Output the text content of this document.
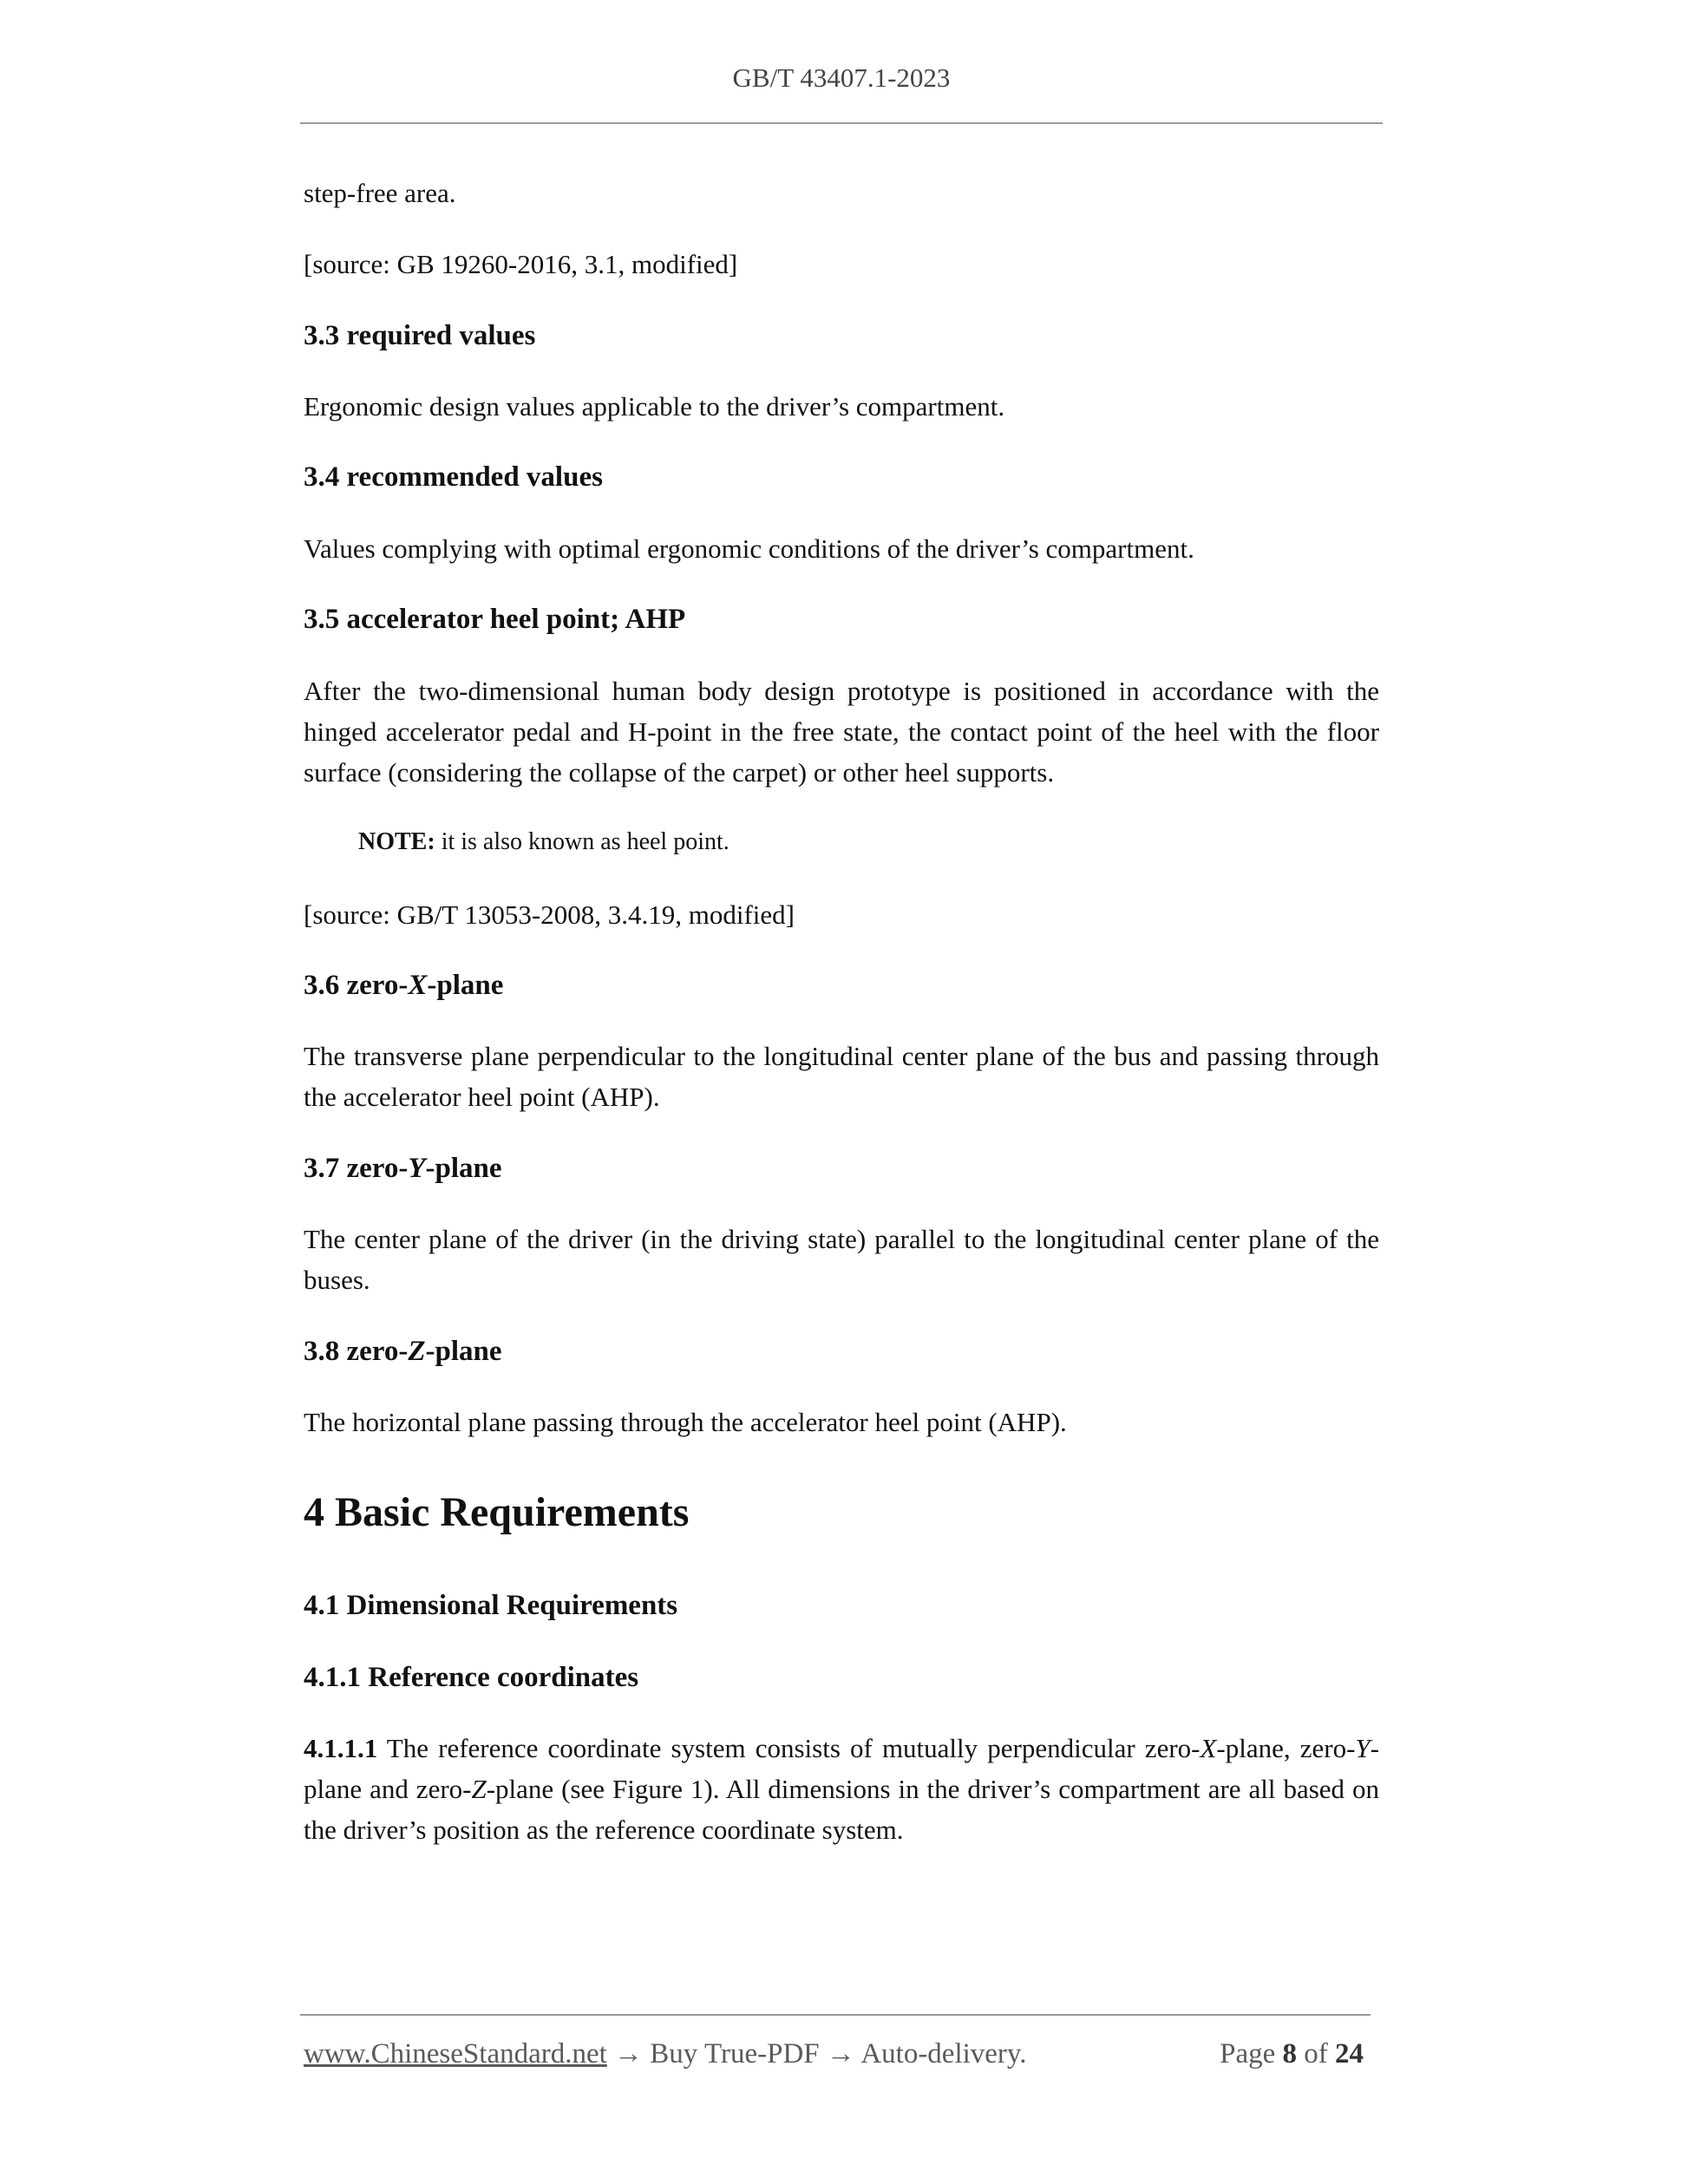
GB/T 43407.1-2023

step-free area.

[source: GB 19260-2016, 3.1, modified]

3.3 required values

Ergonomic design values applicable to the driver’s compartment.

3.4 recommended values

Values complying with optimal ergonomic conditions of the driver’s compartment.

3.5 accelerator heel point; AHP

After the two-dimensional human body design prototype is positioned in accordance with the hinged accelerator pedal and H-point in the free state, the contact point of the heel with the floor surface (considering the collapse of the carpet) or other heel supports.

NOTE: it is also known as heel point.

[source: GB/T 13053-2008, 3.4.19, modified]

3.6 zero-X-plane

The transverse plane perpendicular to the longitudinal center plane of the bus and passing through the accelerator heel point (AHP).

3.7 zero-Y-plane

The center plane of the driver (in the driving state) parallel to the longitudinal center plane of the buses.

3.8 zero-Z-plane

The horizontal plane passing through the accelerator heel point (AHP).

4 Basic Requirements
4.1 Dimensional Requirements
4.1.1 Reference coordinates

4.1.1.1 The reference coordinate system consists of mutually perpendicular zero-X-plane, zero-Y-plane and zero-Z-plane (see Figure 1). All dimensions in the driver’s compartment are all based on the driver’s position as the reference coordinate system.

www.ChineseStandard.net → Buy True-PDF → Auto-delivery.	Page 8 of 24
